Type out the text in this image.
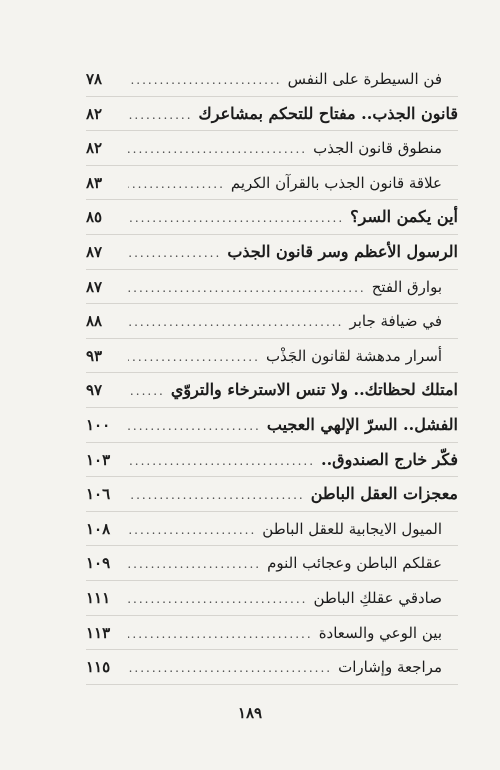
فن السيطرة على النفس
.....
٧٨
قانون الجذب.. مفتاح للتحكم بمشاعرك
.....
٨٢
منطوق قانون الجذب
.....
٨٢
علاقة قانون الجذب بالقرآن الكريم
.....
٨٣
أين يكمن السر؟
.....
٨٥
الرسول الأعظم وسر قانون الجذب
.....
٨٧
بوارق الفتح
.....
٨٧
في ضيافة جابر
.....
٨٨
أسرار مدهشة لقانون الجَذْب
.....
٩٣
امتلك لحظاتك.. ولا تنس الاسترخاء والتروّي
.....
٩٧
الفشل.. السرّ الإلهي العجيب
.....
١٠٠
فكّر خارج الصندوق..
.....
١٠٣
معجزات العقل الباطن
.....
١٠٦
الميول الايجابية للعقل الباطن
.....
١٠٨
عقلكم الباطن وعجائب النوم
.....
١٠٩
صادقي عقلكِ الباطن
.....
١١١
بين الوعي والسعادة
.....
١١٣
مراجعة وإشارات
.....
١١٥
١٨٩
